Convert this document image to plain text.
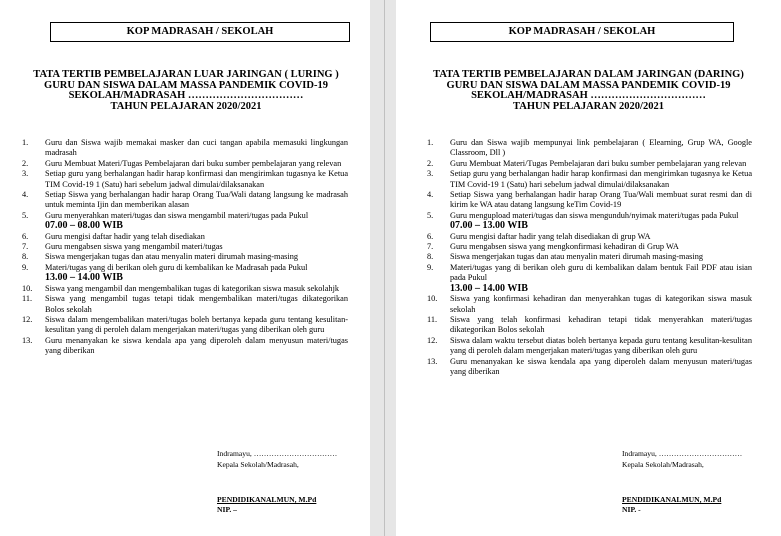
KOP MADRASAH / SEKOLAH
TATA TERTIB PEMBELAJARAN LUAR JARINGAN ( LURING )
GURU DAN SISWA DALAM MASSA PANDEMIK COVID-19
SEKOLAH/MADRASAH ……………………………
TAHUN PELAJARAN 2020/2021
1. Guru dan Siswa wajib memakai masker dan cuci tangan apabila memasuki lingkungan madrasah
2. Guru Membuat Materi/Tugas Pembelajaran dari buku sumber pembelajaran yang relevan
3. Setiap guru yang berhalangan hadir harap konfirmasi dan mengirimkan tugasnya ke Ketua TIM Covid-19 1 (Satu) hari sebelum jadwal dimulai/dilaksanakan
4. Setiap Siswa yang berhalangan hadir harap Orang Tua/Wali datang langsung ke madrasah untuk meminta Ijin dan memberikan alasan
5. Guru menyerahkan materi/tugas dan siswa mengambil materi/tugas pada Pukul
07.00 – 08.00 WIB
6. Guru mengisi daftar hadir yang telah disediakan
7. Guru mengabsen siswa yang mengambil materi/tugas
8. Siswa mengerjakan tugas dan atau menyalin materi dirumah masing-masing
9. Materi/tugas yang di berikan oleh guru di kembalikan ke Madrasah pada Pukul
13.00 – 14.00 WIB
10. Siswa yang mengambil dan mengembalikan tugas di kategorikan siswa masuk sekolahjk
11. Siswa yang mengambil tugas tetapi tidak mengembalikan materi/tugas dikategorikan Bolos sekolah
12. Siswa dalam mengembalikan materi/tugas boleh bertanya kepada guru tentang kesulitan-kesulitan yang di peroleh dalam mengerjakan materi/tugas yang diberikan oleh guru
13. Guru menanyakan ke siswa kendala apa yang diperoleh dalam menyusun materi/tugas yang diberikan
Indramayu, ……………………………
Kepala Sekolah/Madrasah,
PENDIDIKANALMUN, M.Pd
NIP. –
KOP MADRASAH / SEKOLAH
TATA TERTIB PEMBELAJARAN DALAM JARINGAN (DARING)
GURU DAN SISWA DALAM MASSA PANDEMIK COVID-19
SEKOLAH/MADRASAH ……………………………
TAHUN PELAJARAN 2020/2021
1. Guru dan Siswa wajib mempunyai link pembelajaran ( Elearning, Grup WA, Google Classroom, Dll )
2. Guru Membuat Materi/Tugas Pembelajaran dari buku sumber pembelajaran yang relevan
3. Setiap guru yang berhalangan hadir harap konfirmasi dan mengirimkan tugasnya ke Ketua TIM Covid-19 1 (Satu) hari sebelum jadwal dimulai/dilaksanakan
4. Setiap Siswa yang berhalangan hadir harap Orang Tua/Wali membuat surat resmi dan di kirim ke WA atau datang langsung keTim Covid-19
5. Guru mengupload materi/tugas dan siswa mengunduh/nyimak materi/tugas pada Pukul
07.00 – 13.00 WIB
6. Guru mengisi daftar hadir yang telah disediakan di grup WA
7. Guru mengabsen siswa yang mengkonfirmasi kehadiran di Grup WA
8. Siswa mengerjakan tugas dan atau menyalin materi dirumah masing-masing
9. Materi/tugas yang di berikan oleh guru di kembalikan dalam bentuk Fail PDF atau isian pada Pukul
13.00 – 14.00 WIB
10. Siswa yang konfirmasi kehadiran dan menyerahkan tugas di kategorikan siswa masuk sekolah
11. Siswa yang telah konfirmasi kehadiran tetapi tidak menyerahkan materi/tugas dikategorikan Bolos sekolah
12. Siswa dalam waktu tersebut diatas boleh bertanya kepada guru tentang kesulitan-kesulitan yang di peroleh dalam mengerjakan materi/tugas yang diberikan oleh guru
13. Guru menanyakan ke siswa kendala apa yang diperoleh dalam menyusun materi/tugas yang diberikan
Indramayu, ……………………………
Kepala Sekolah/Madrasah,
PENDIDIKANALMUN, M.Pd
NIP. -
